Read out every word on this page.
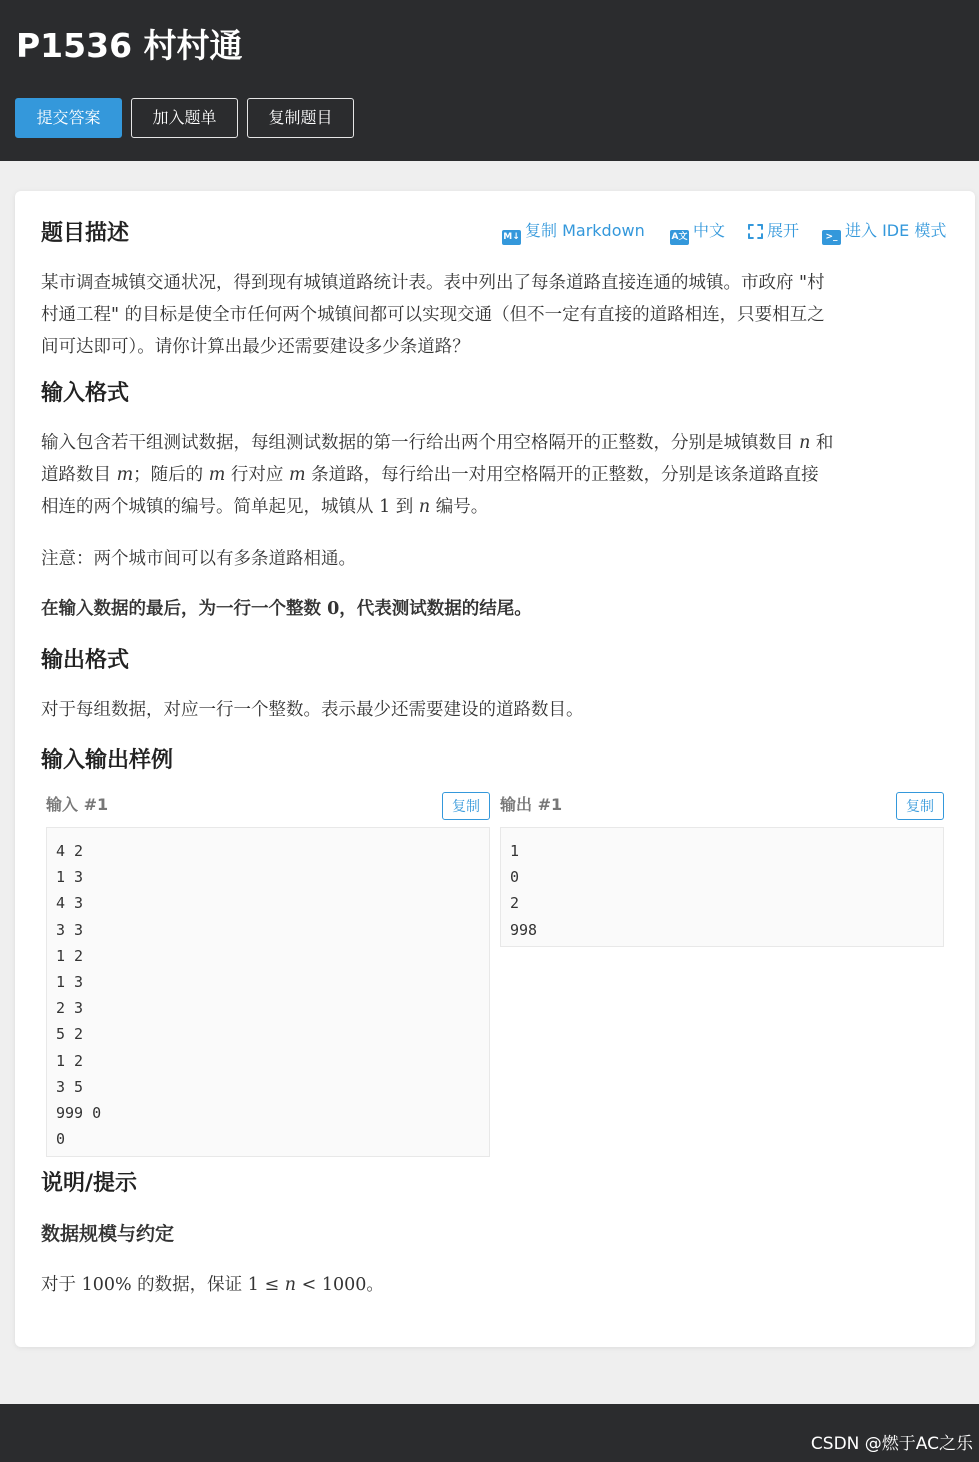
P1536 村村通
提交答案	加入题单	复制题目
题目描述	M↓ 复制 Markdown	A文 中文	展开	>_ 进入 IDE 模式
某市调查城镇交通状况，得到现有城镇道路统计表。表中列出了每条道路直接连通的城镇。市政府 "村
村通工程" 的目标是使全市任何两个城镇间都可以实现交通（但不一定有直接的道路相连，只要相互之
间可达即可）。请你计算出最少还需要建设多少条道路？
输入格式
输入包含若干组测试数据，每组测试数据的第一行给出两个用空格隔开的正整数，分别是城镇数目 n 和
道路数目 m；随后的 m 行对应 m 条道路，每行给出一对用空格隔开的正整数，分别是该条道路直接
相连的两个城镇的编号。简单起见，城镇从 1 到 n 编号。
注意：两个城市间可以有多条道路相通。
在输入数据的最后，为一行一个整数 0，代表测试数据的结尾。
输出格式
对于每组数据，对应一行一个整数。表示最少还需要建设的道路数目。
输入输出样例
输入 #1	复制
4 2
1 3
4 3
3 3
1 2
1 3
2 3
5 2
1 2
3 5
999 0
0
输出 #1	复制
1
0
2
998
说明/提示
数据规模与约定
对于 100% 的数据，保证 1 ≤ n < 1000。
CSDN @燃于AC之乐
